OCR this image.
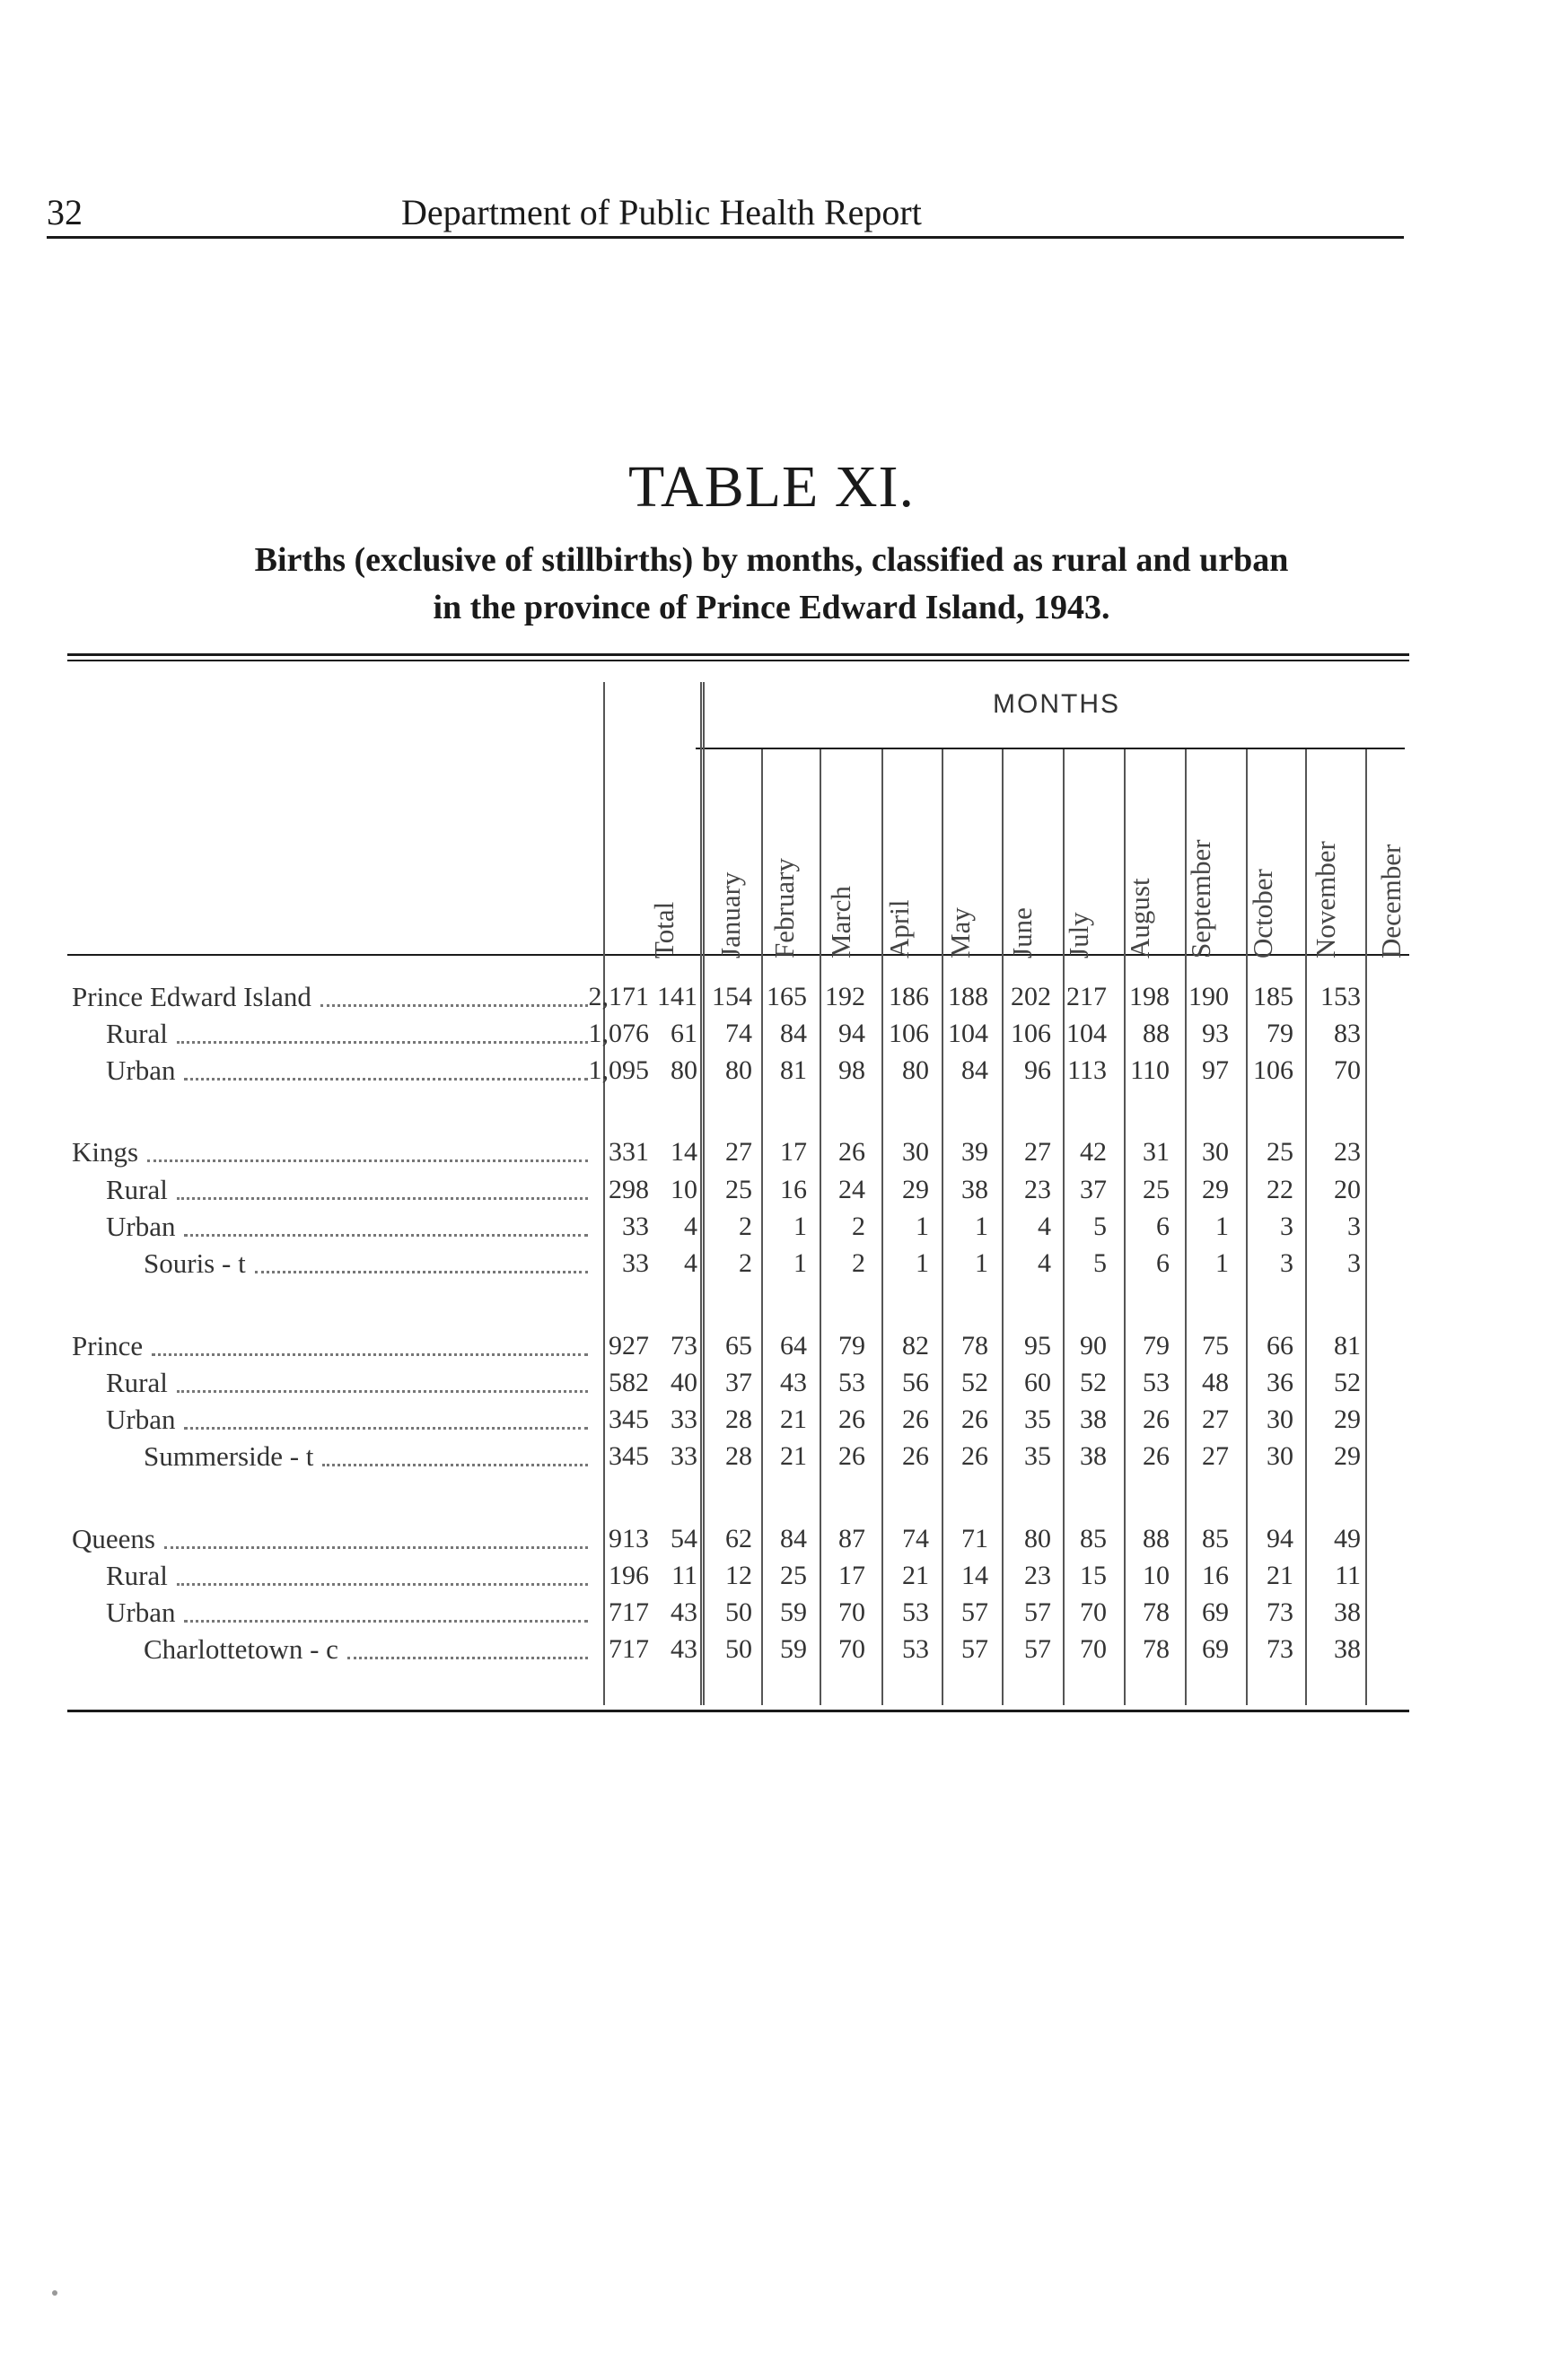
32	Department of Public Health Report
TABLE XI.
Births (exclusive of stillbirths) by months, classified as rural and urban
in the province of Prince Edward Island, 1943.
MONTHS
Total January February March April May June July August September October November December
Prince Edward Island	2,171 141 154 165 192 186 188 202 217 198 190 185 153
Rural	1,076 61 74 84 94 106 104 106 104 88 93 79 83
Urban	1,095 80 80 81 98 80 84 96 113 110 97 106 70
Kings	331 14 27 17 26 30 39 27 42 31 30 25 23
Rural	298 10 25 16 24 29 38 23 37 25 29 22 20
Urban	33 4 2 1 2 1 1 4 5 6 1 3 3
Souris - t	33 4 2 1 2 1 1 4 5 6 1 3 3
Prince	927 73 65 64 79 82 78 95 90 79 75 66 81
Rural	582 40 37 43 53 56 52 60 52 53 48 36 52
Urban	345 33 28 21 26 26 26 35 38 26 27 30 29
Summerside - t	345 33 28 21 26 26 26 35 38 26 27 30 29
Queens	913 54 62 84 87 74 71 80 85 88 85 94 49
Rural	196 11 12 25 17 21 14 23 15 10 16 21 11
Urban	717 43 50 59 70 53 57 57 70 78 69 73 38
Charlottetown - c	717 43 50 59 70 53 57 57 70 78 69 73 38
